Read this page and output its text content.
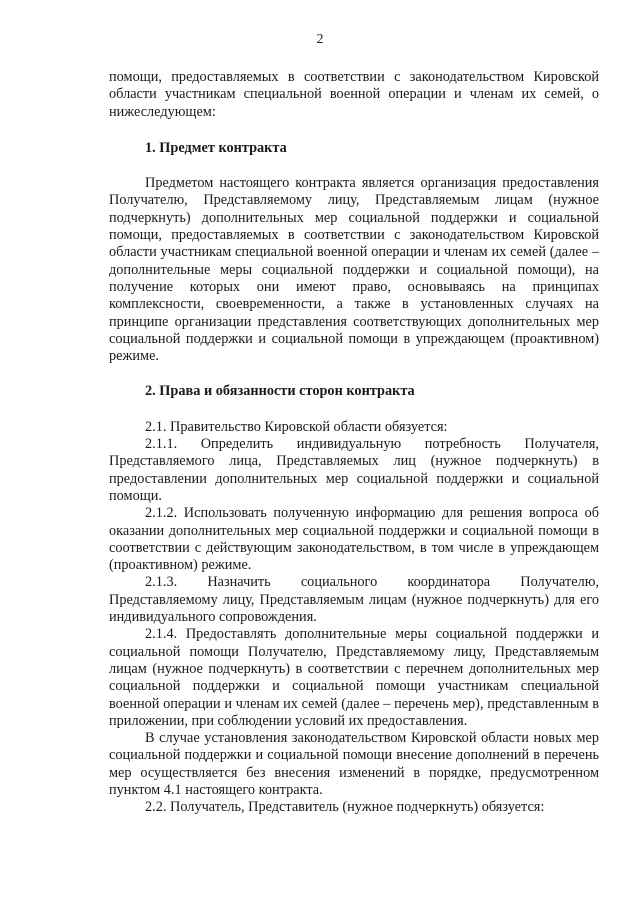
2

помощи, предоставляемых в соответствии с законодательством Кировской области участникам специальной военной операции и членам их семей, о нижеследующем:

1. Предмет контракта

Предметом настоящего контракта является организация предоставления Получателю, Представляемому лицу, Представляемым лицам (нужное подчеркнуть) дополнительных мер социальной поддержки и социальной помощи, предоставляемых в соответствии с законодательством Кировской области участникам специальной военной операции и членам их семей (далее – дополнительные меры социальной поддержки и социальной помощи), на получение которых они имеют право, основываясь на принципах комплексности, своевременности, а также в установленных случаях на принципе организации представления соответствующих дополнительных мер социальной поддержки и социальной помощи в упреждающем (проактивном) режиме.

2. Права и обязанности сторон контракта

2.1. Правительство Кировской области обязуется:

2.1.1. Определить индивидуальную потребность Получателя, Представляемого лица, Представляемых лиц (нужное подчеркнуть) в предоставлении дополнительных мер социальной поддержки и социальной помощи.

2.1.2. Использовать полученную информацию для решения вопроса об оказании дополнительных мер социальной поддержки и социальной помощи в соответствии с действующим законодательством, в том числе в упреждающем (проактивном) режиме.

2.1.3. Назначить социального координатора Получателю, Представляемому лицу, Представляемым лицам (нужное подчеркнуть) для его индивидуального сопровождения.

2.1.4. Предоставлять дополнительные меры социальной поддержки и социальной помощи Получателю, Представляемому лицу, Представляемым лицам (нужное подчеркнуть) в соответствии с перечнем дополнительных мер социальной поддержки и социальной помощи участникам специальной военной операции и членам их семей (далее – перечень мер), представленным в приложении, при соблюдении условий их предоставления.

В случае установления законодательством Кировской области новых мер социальной поддержки и социальной помощи внесение дополнений в перечень мер осуществляется без внесения изменений в порядке, предусмотренном пунктом 4.1 настоящего контракта.

2.2. Получатель, Представитель (нужное подчеркнуть) обязуется:
